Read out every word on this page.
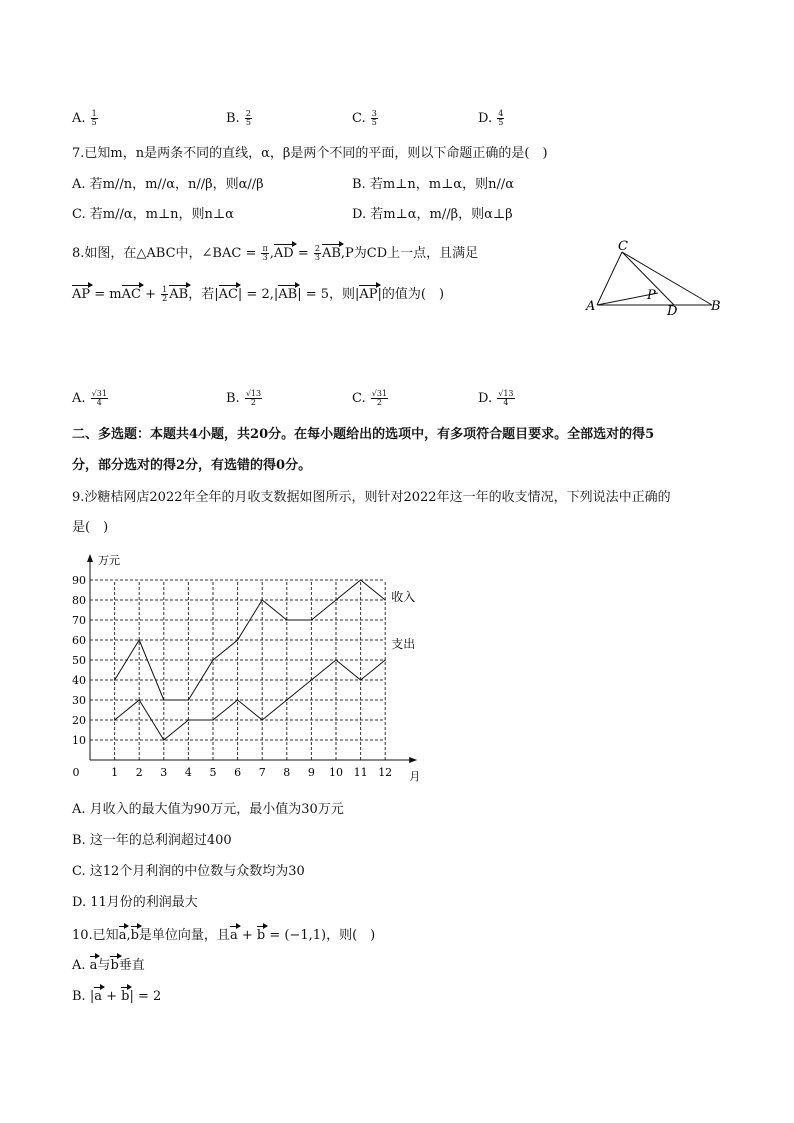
A. $\frac{1}{5}$	B. $\frac{2}{5}$	C. $\frac{3}{5}$	D. $\frac{4}{5}$
7.已知m，n是两条不同的直线，α，β是两个不同的平面，则以下命题正确的是(　)
A. 若m//n，m//α，n//β，则α//β	B. 若m⊥n，m⊥α，则n//α
C. 若m//α，m⊥n，则n⊥α	D. 若m⊥α，m//β，则α⊥β
8.如图，在△ABC中，∠BAC = $\frac{\pi}{3} ,AD = \frac{2}{3} AB,P$为CD上一点，且满足
AP = mAC + $\frac{1}{2}$ AB，若|AC| = 2,|AB| = 5，则|AP|的值为(　)
C
A	B
D
P
A. $\frac{√31}{4}$	B. $\frac{√13}{2}$	C. $\frac{√31}{2}$	D. $\frac{√13}{4}$
二、多选题：本题共4小题，共20分。在每小题给出的选项中，有多项符合题目要求。全部选对的得5
分，部分选对的得2分，有选错的得0分。
9.沙糖桔网店2022年全年的月收支数据如图所示，则针对2022年这一年的收支情况，下列说法中正确的
是(　)
10
20
30
40
50
60
70
80
90
1 2 3 4 5 6 7 8 9 10 11 12
0
万元
月
收入
支出
A. 月收入的最大值为90万元，最小值为30万元
B. 这一年的总利润超过400
C. 这12个月利润的中位数与众数均为30
D. 11月份的利润最大
10.已知a,b是单位向量，且a + b = (−1,1)，则(　)
A. a与b垂直
B. |a + b| = 2
